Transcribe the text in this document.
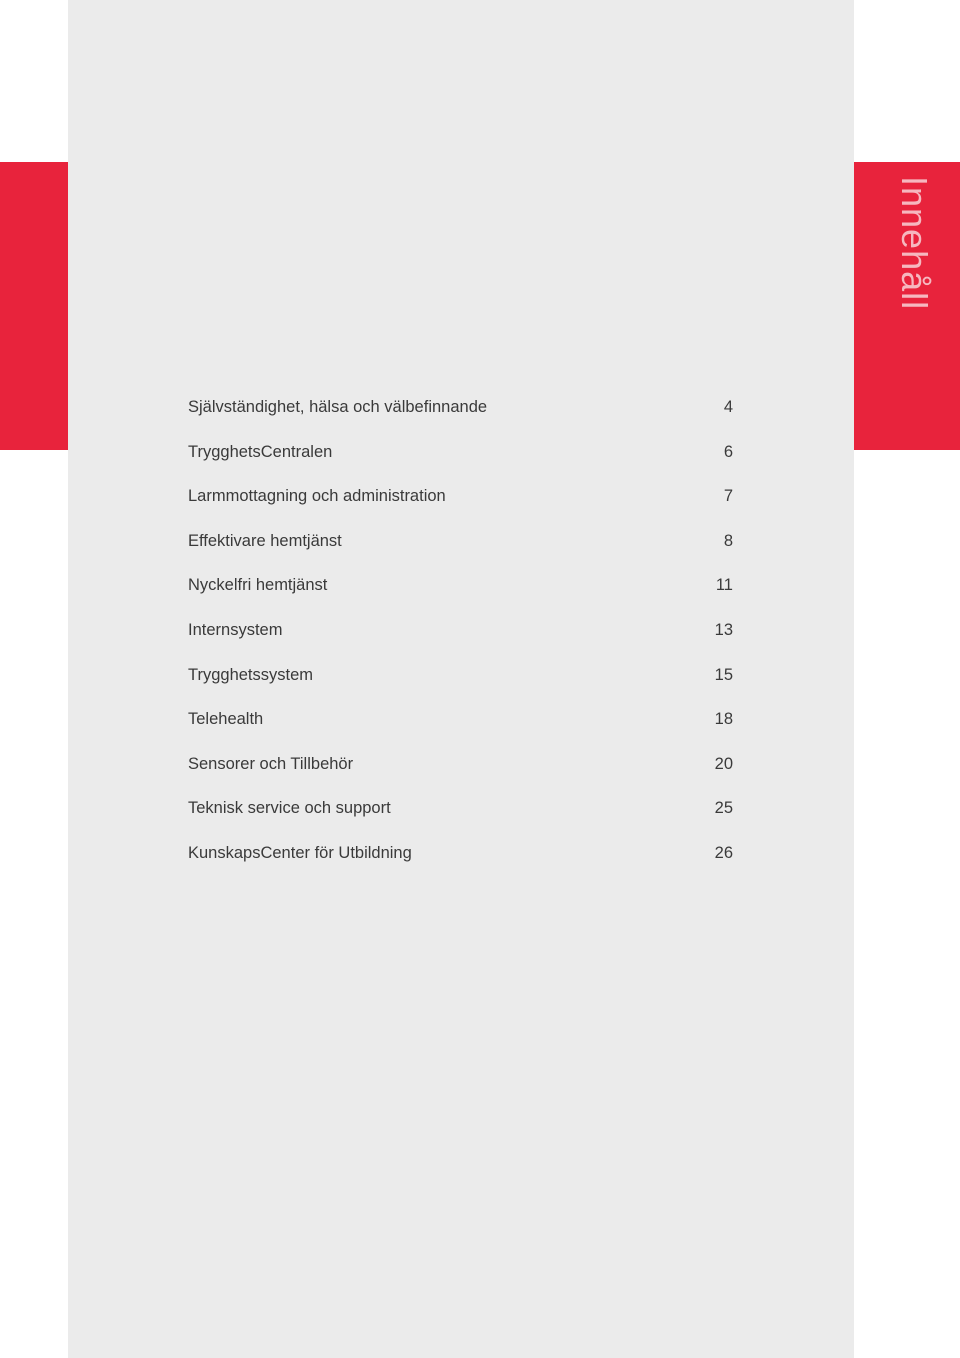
Innehåll
Självständighet, hälsa och välbefinnande	4
TrygghetsCentralen	6
Larmmottagning och administration	7
Effektivare hemtjänst	8
Nyckelfri hemtjänst	11
Internsystem	13
Trygghetssystem	15
Telehealth	18
Sensorer och Tillbehör	20
Teknisk service och support	25
KunskapsCenter för Utbildning	26
